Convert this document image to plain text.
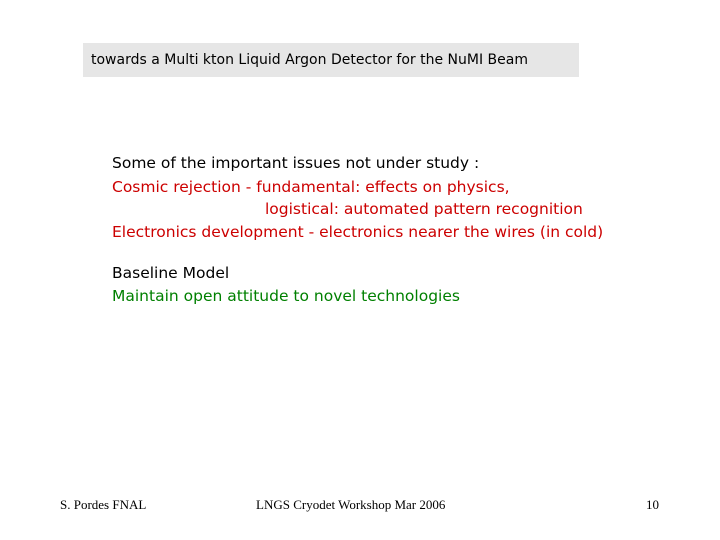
towards a Multi kton Liquid Argon Detector for the NuMI Beam
Some of the important issues not under study :
Cosmic rejection - fundamental: effects on physics,
logistical: automated pattern recognition
Electronics development - electronics nearer the wires (in cold)
Baseline Model
Maintain open attitude to novel technologies
S. Pordes FNAL	LNGS Cryodet Workshop Mar 2006	10
